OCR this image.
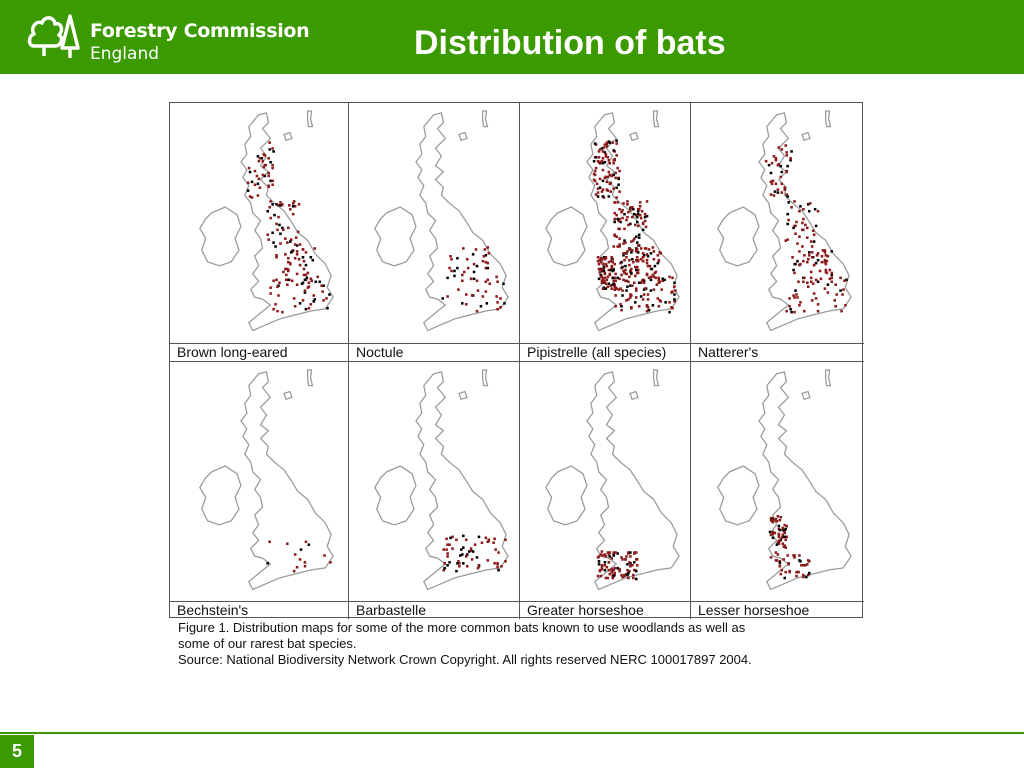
Forestry Commission
England	Distribution of bats
Brown long-eared	Noctule	Pipistrelle (all species)	Natterer's
Bechstein's	Barbastelle	Greater horseshoe	Lesser horseshoe
Figure 1. Distribution maps for some of the more common bats known to use woodlands as well as
some of our rarest bat species.
Source: National Biodiversity Network Crown Copyright. All rights reserved NERC 100017897 2004.
5
